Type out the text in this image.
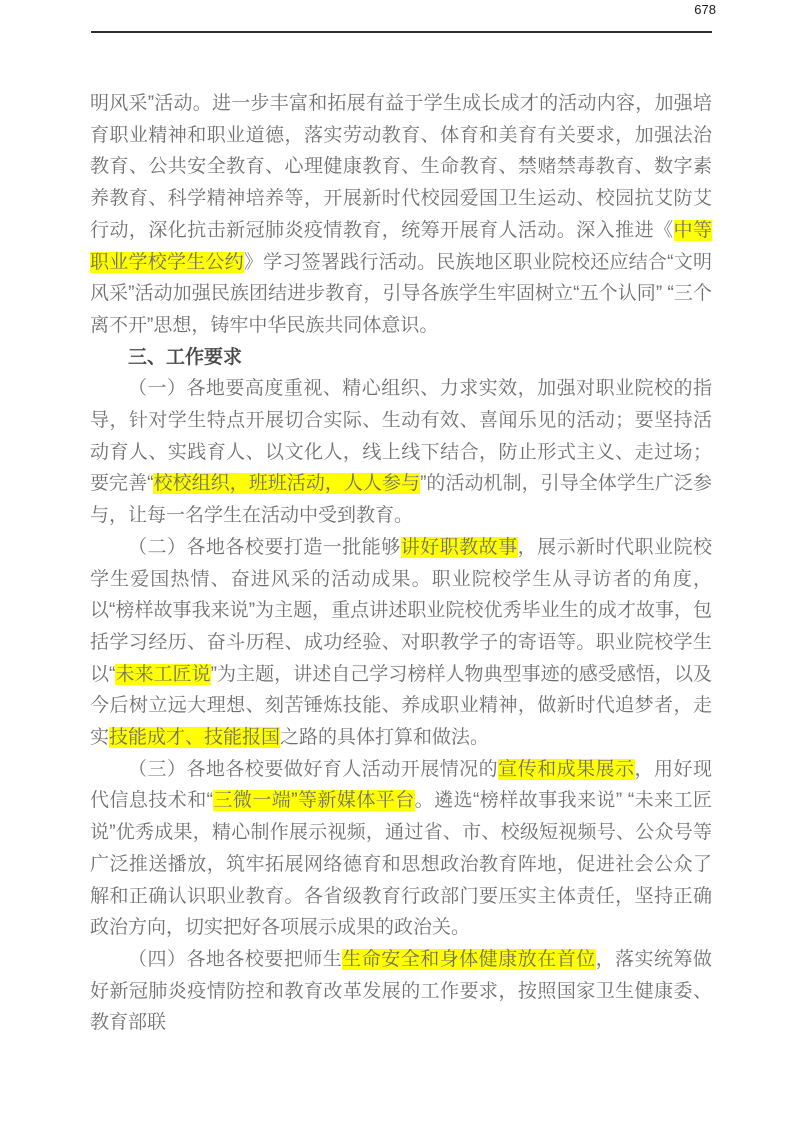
678

明风采”活动。进一步丰富和拓展有益于学生成长成才的活动内容，加强培育职业精神和职业道德，落实劳动教育、体育和美育有关要求，加强法治教育、公共安全教育、心理健康教育、生命教育、禁赌禁毒教育、数字素养教育、科学精神培养等，开展新时代校园爱国卫生运动、校园抗艾防艾行动，深化抗击新冠肺炎疫情教育，统筹开展育人活动。深入推进《中等职业学校学生公约》学习签署践行活动。民族地区职业院校还应结合“文明风采”活动加强民族团结进步教育，引导各族学生牢固树立“五个认同” “三个离不开”思想，铸牢中华民族共同体意识。

三、工作要求

（一）各地要高度重视、精心组织、力求实效，加强对职业院校的指导，针对学生特点开展切合实际、生动有效、喜闻乐见的活动；要坚持活动育人、实践育人、以文化人，线上线下结合，防止形式主义、走过场；要完善“校校组织，班班活动，人人参与”的活动机制，引导全体学生广泛参与，让每一名学生在活动中受到教育。

（二）各地各校要打造一批能够讲好职教故事，展示新时代职业院校学生爱国热情、奋进风采的活动成果。职业院校学生从寻访者的角度，以“榜样故事我来说”为主题，重点讲述职业院校优秀毕业生的成才故事，包括学习经历、奋斗历程、成功经验、对职教学子的寄语等。职业院校学生以“未来工匠说”为主题，讲述自己学习榜样人物典型事迹的感受感悟，以及今后树立远大理想、刻苦锤炼技能、养成职业精神，做新时代追梦者，走实技能成才、技能报国之路的具体打算和做法。

（三）各地各校要做好育人活动开展情况的宣传和成果展示，用好现代信息技术和“三微一端”等新媒体平台。遴选“榜样故事我来说” “未来工匠说”优秀成果，精心制作展示视频，通过省、市、校级短视频号、公众号等广泛推送播放，筑牢拓展网络德育和思想政治教育阵地，促进社会公众了解和正确认识职业教育。各省级教育行政部门要压实主体责任，坚持正确政治方向，切实把好各项展示成果的政治关。

（四）各地各校要把师生生命安全和身体健康放在首位，落实统筹做好新冠肺炎疫情防控和教育改革发展的工作要求，按照国家卫生健康委、教育部联
